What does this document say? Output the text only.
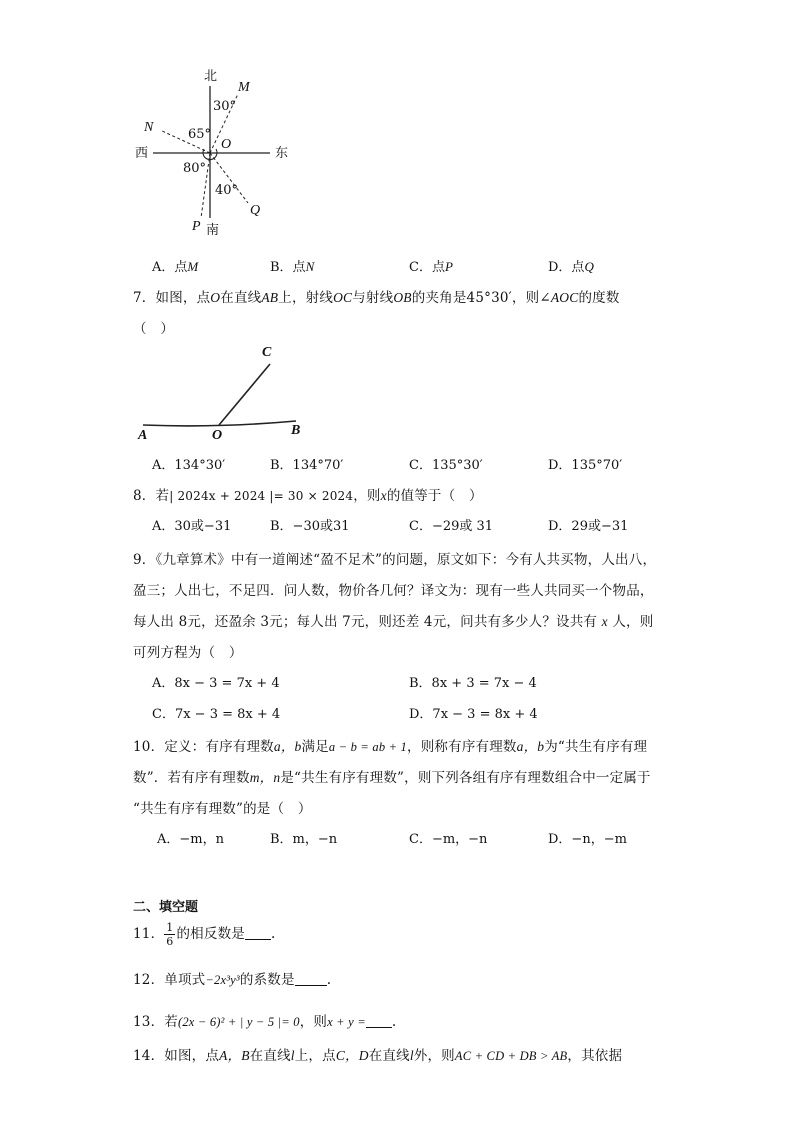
北
M
30°
N	65°
O
西	东
80°
40°
Q
P 南
A．点M	B．点N	C．点P	D．点Q
7．如图，点O在直线AB上，射线OC与射线OB的夹角是45°30′，则∠AOC的度数
（　）
C
A	O	B
A．134°30′	B．134°70′	C．135°30′	D．135°70′
8．若| 2024x + 2024 |= 30 × 2024，则x的值等于（　）
A．30或−31	B．−30或31	C．−29或 31	D．29或−31
9．《九章算术》中有一道阐述“盈不足术”的问题，原文如下：今有人共买物，人出八，
盈三；人出七，不足四．问人数，物价各几何？译文为：现有一些人共同买一个物品，
每人出 8元，还盈余 3元；每人出 7元，则还差 4元，问共有多少人？设共有 x 人，则
可列方程为（　）
A．8x − 3 = 7x + 4	B．8x + 3 = 7x − 4
C．7x − 3 = 8x + 4	D．7x − 3 = 8x + 4
10．定义：有序有理数a，b满足a − b = ab + 1，则称有序有理数a，b为“共生有序有理
数”．若有序有理数m，n是“共生有序有理数”，则下列各组有序有理数组合中一定属于
“共生有序有理数”的是（　）
A．−m，n	B．m，−n	C．−m，−n	D．−n，−m
二、填空题
11． $\frac{1}{6}$ 的相反数是 .
12．单项式−2x³y³的系数是 .
13．若(2x − 6)² + | y − 5 |= 0，则x + y = .
14．如图，点A，B在直线l上，点C，D在直线l外，则AC + CD + DB > AB，其依据
